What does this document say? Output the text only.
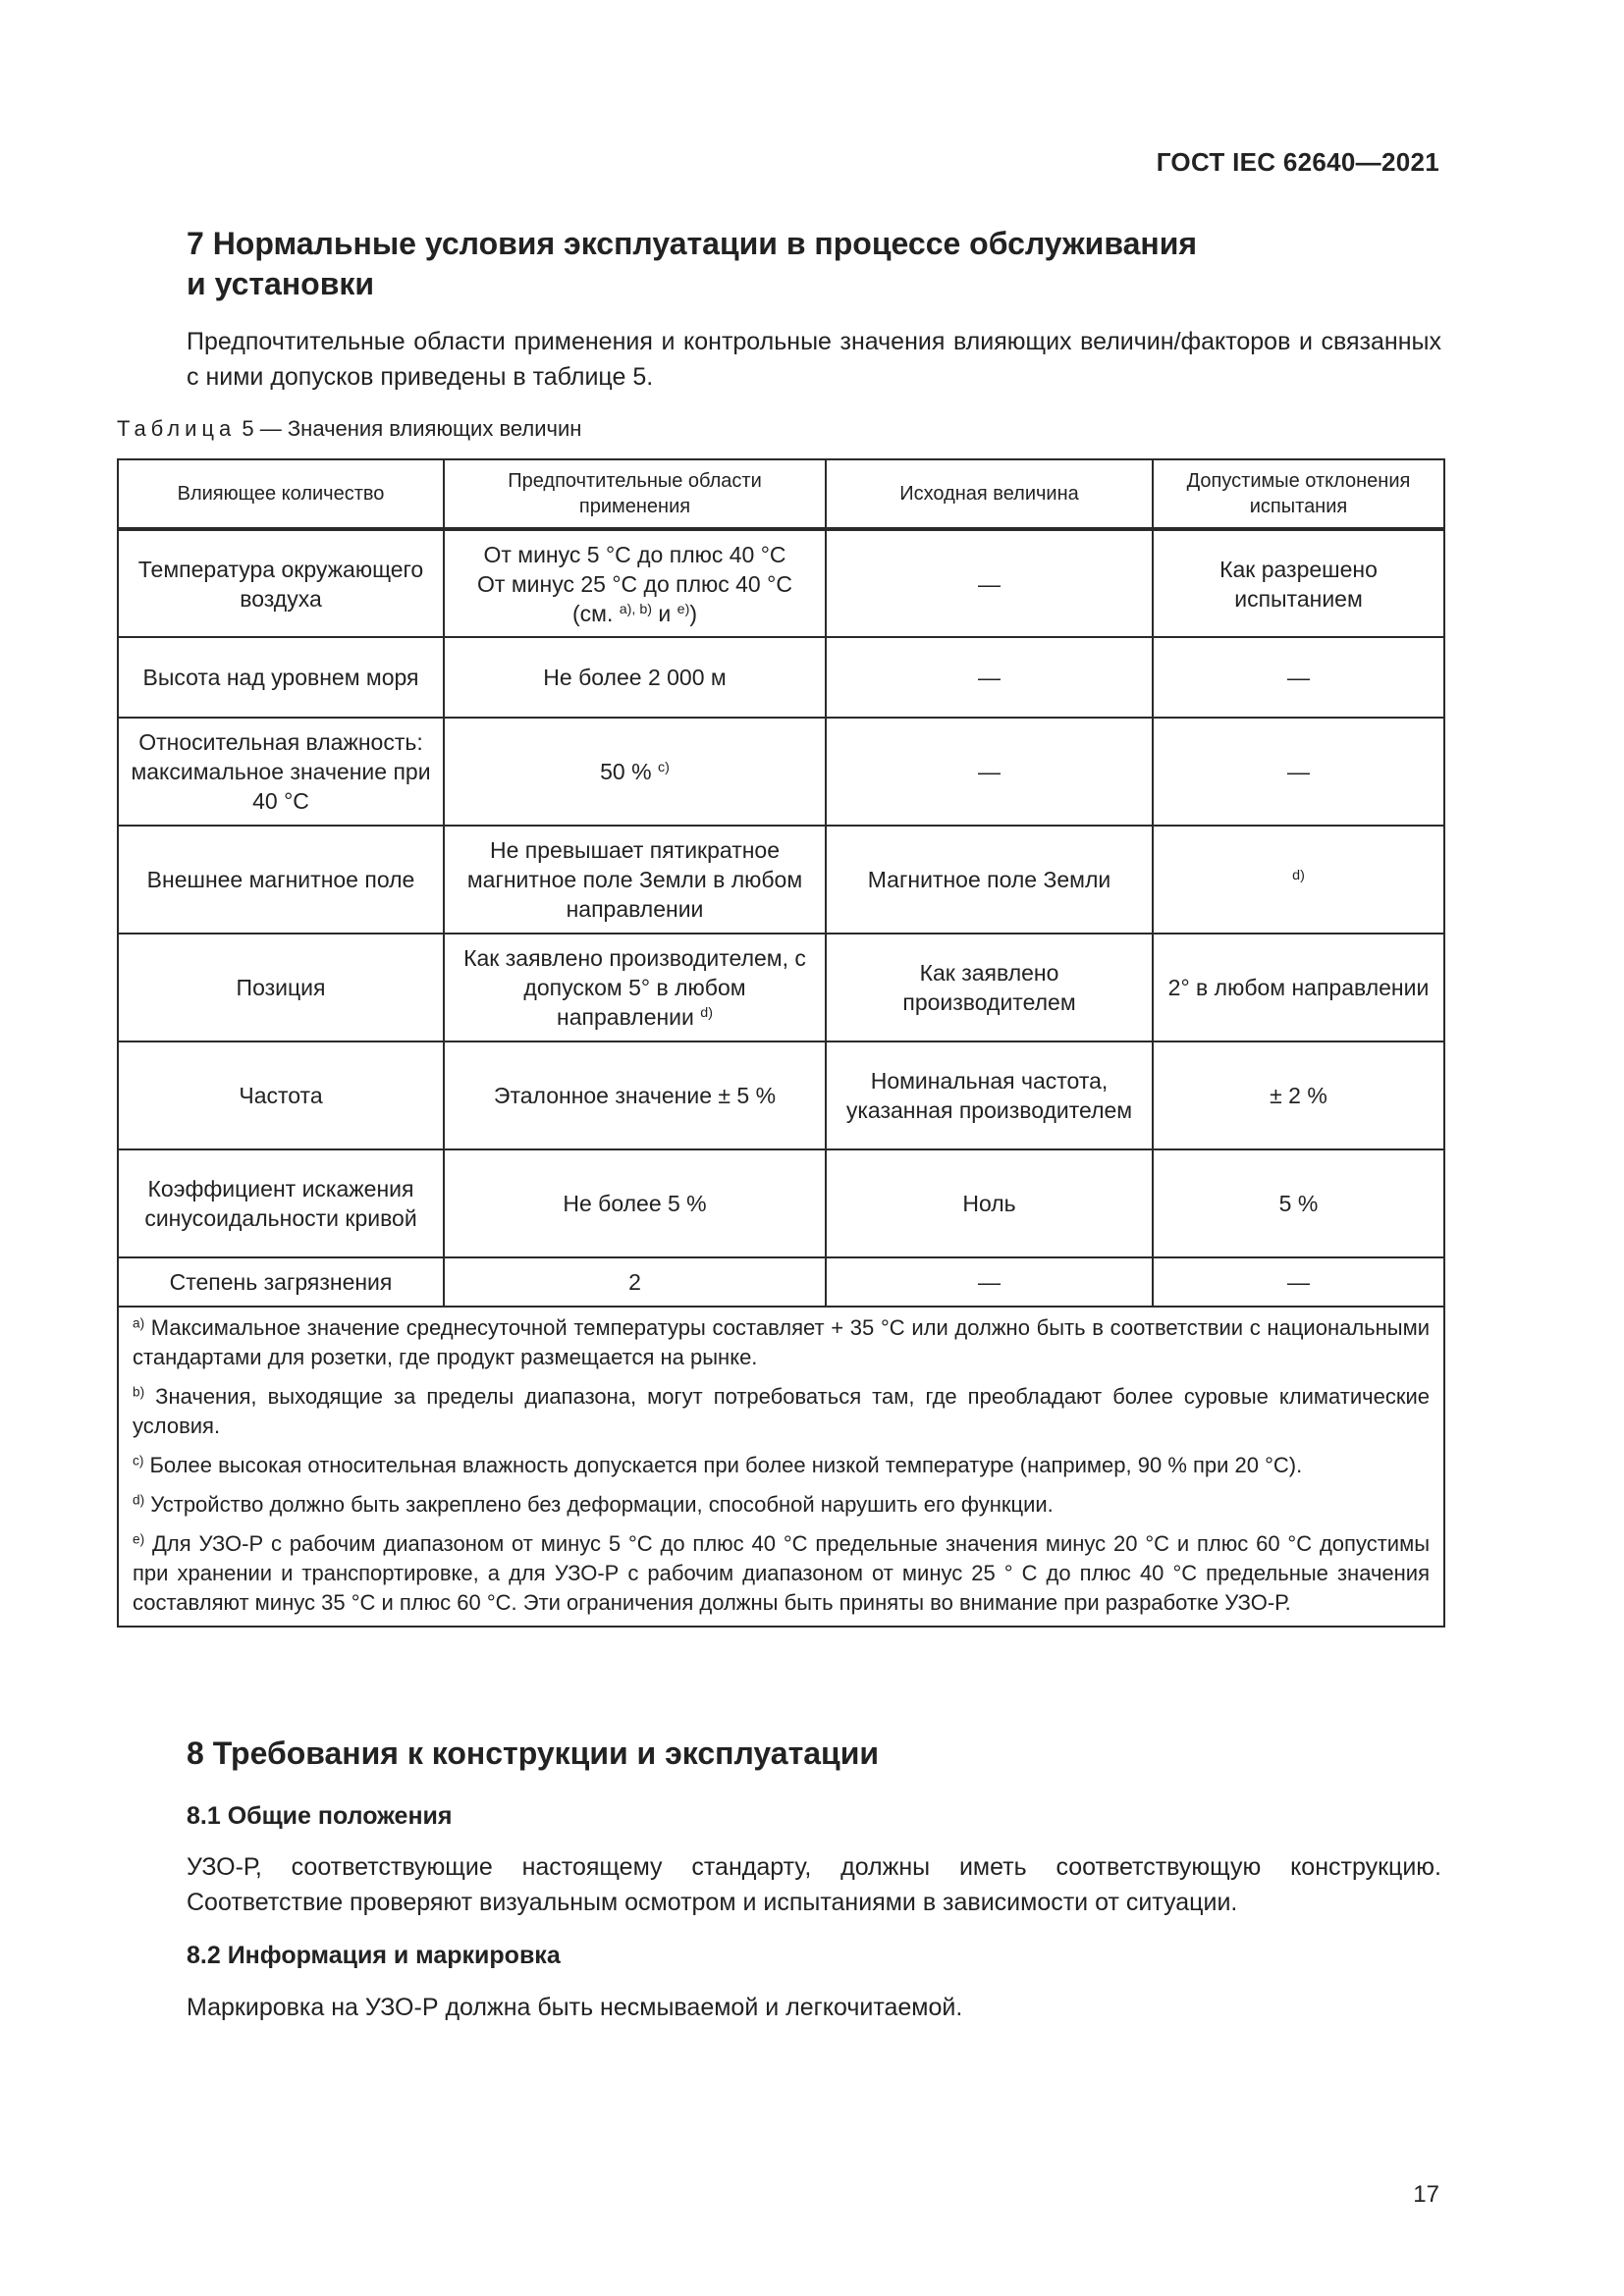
ГОСТ IEC 62640—2021
7 Нормальные условия эксплуатации в процессе обслуживания
и установки

Предпочтительные области применения и контрольные значения влияющих величин/факторов и связанных с ними допусков приведены в таблице 5.

Таблица 5 — Значения влияющих величин

Влияющее количество	Предпочтительные области применения	Исходная величина	Допустимые отклонения испытания
Температура окружающего воздуха	От минус 5 °С до плюс 40 °С
От минус 25 °С до плюс 40 °С
(см. $^{a), b)}$ и $^{e)}$)	—	Как разрешено испытанием
Высота над уровнем моря	Не более 2 000 м	—	—
Относительная влажность: максимальное значение при 40 °С	50 % $^{c)}$	—	—
Внешнее магнитное поле	Не превышает пятикратное магнитное поле Земли в любом направлении	Магнитное поле Земли	$^{d)}$
Позиция	Как заявлено производителем, с допуском 5° в любом направлении $^{d)}$	Как заявлено производителем	2° в любом направлении
Частота	Эталонное значение ± 5 %	Номинальная частота, указанная производителем	± 2 %
Коэффициент искажения синусоидальности кривой	Не более 5 %	Ноль	5 %
Степень загрязнения	2	—	—

$^{a)}$ Максимальное значение среднесуточной температуры составляет + 35 °С или должно быть в соответствии с национальными стандартами для розетки, где продукт размещается на рынке.

$^{b)}$ Значения, выходящие за пределы диапазона, могут потребоваться там, где преобладают более суровые климатические условия.

$^{c)}$ Более высокая относительная влажность допускается при более низкой температуре (например, 90 % при 20 °С).

$^{d)}$ Устройство должно быть закреплено без деформации, способной нарушить его функции.

$^{e)}$ Для УЗО-Р с рабочим диапазоном от минус 5 °С до плюс 40 °С предельные значения минус 20 °С и плюс 60 °С допустимы при хранении и транспортировке, а для УЗО-Р с рабочим диапазоном от минус 25 ° С до плюс 40 °С предельные значения составляют минус 35 °С и плюс 60 °С. Эти ограничения должны быть приняты во внимание при разработке УЗО-Р.			

8 Требования к конструкции и эксплуатации
8.1 Общие положения

УЗО-Р, соответствующие настоящему стандарту, должны иметь соответствующую конструкцию. Соответствие проверяют визуальным осмотром и испытаниями в зависимости от ситуации.

8.2 Информация и маркировка

Маркировка на УЗО-Р должна быть несмываемой и легкочитаемой.

17
